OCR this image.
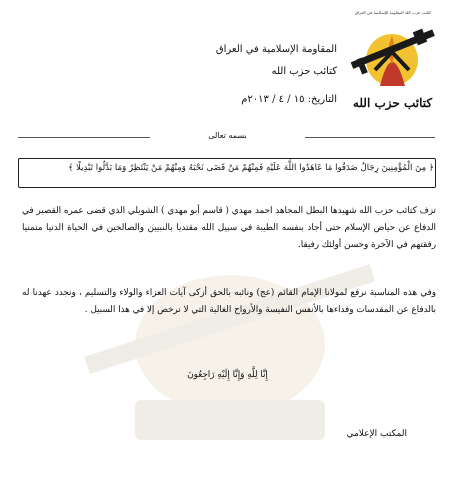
كتائب حزب الله المقاومة الإسلامية في العراق
كتائب حزب الله
المقاومة الإسلامية في العراق
كتائب حزب الله
التاريخ: ١٥ / ٤ / ٢٠١٣م
بسمه تعالى
﴿ مِنَ الْمُؤْمِنِينَ رِجَالٌ صَدَقُوا مَا عَاهَدُوا اللَّهَ عَلَيْهِ فَمِنْهُمْ مَنْ قَضَى نَحْبَهُ وَمِنْهُمْ مَنْ يَنْتَظِرُ وَمَا بَدَّلُوا تَبْدِيلًا ﴾
تزف كتائب حزب الله شهيدها البطل المجاهد احمد مهدي ( قاسم أبو مهدي ) الشويلي الذي قضى عمره القصير في الدفاع عن حياض الإسلام حتى أجاد بنفسه الطيبة في سبيل الله مقتديا بالنبيين والصالحين في الحياة الدنيا متمنيا رفقتهم في الآخرة وحسن أولئك رفيقا.
وفي هذه المناسبة نرفع لمولانا الإمام القائم (عج) ونائبه بالحق أزكى آيات العزاء والولاء والتسليم ، ونجدد عهدنا له بالدفاع عن المقدسات وفداءها بالأنفس النفيسة والأرواح الغالية التي لا نرخص إلا في هذا السبيل .
إِنَّا لِلَّهِ وَإِنَّا إِلَيْهِ رَاجِعُونَ
المكتب الإعلامي
